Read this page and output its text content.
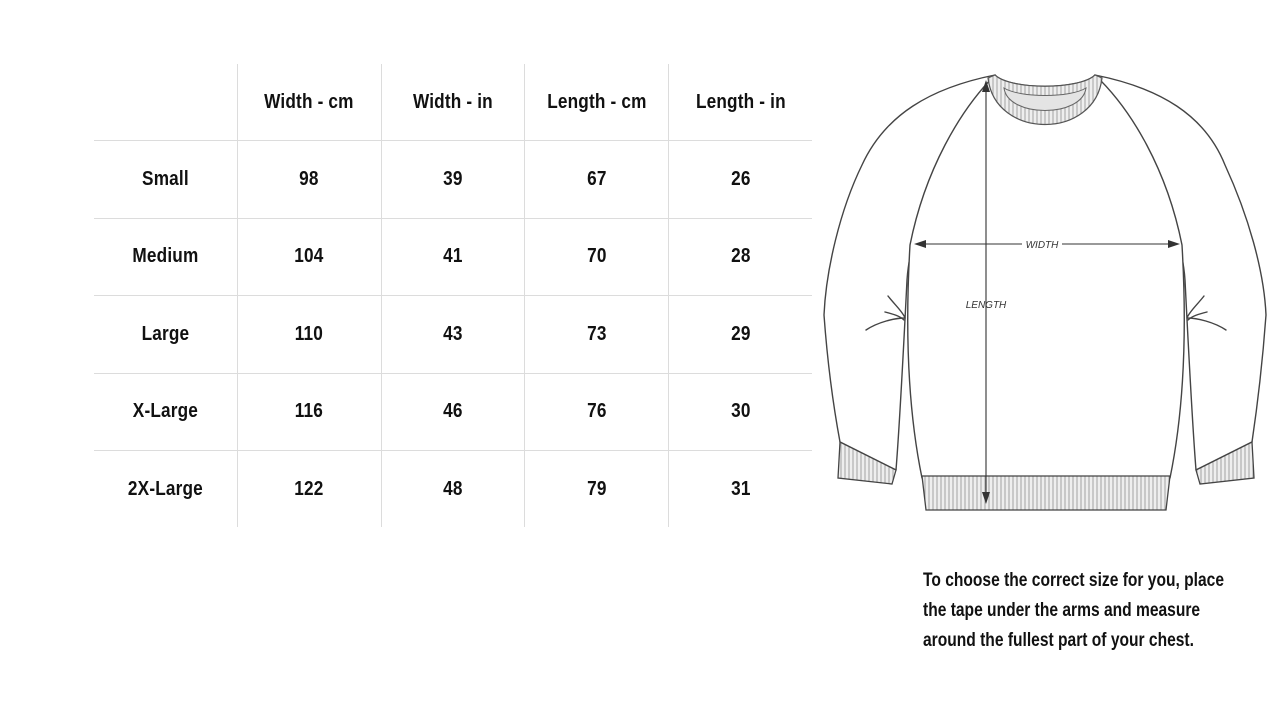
	Width - cm	Width - in	Length - cm	Length - in
Small	98	39	67	26
Medium	104	41	70	28
Large	110	43	73	29
X-Large	116	46	76	30
2X-Large	122	48	79	31
WIDTH
LENGTH
To choose the correct size for you, place the tape under the arms and measure around the fullest part of your chest.
